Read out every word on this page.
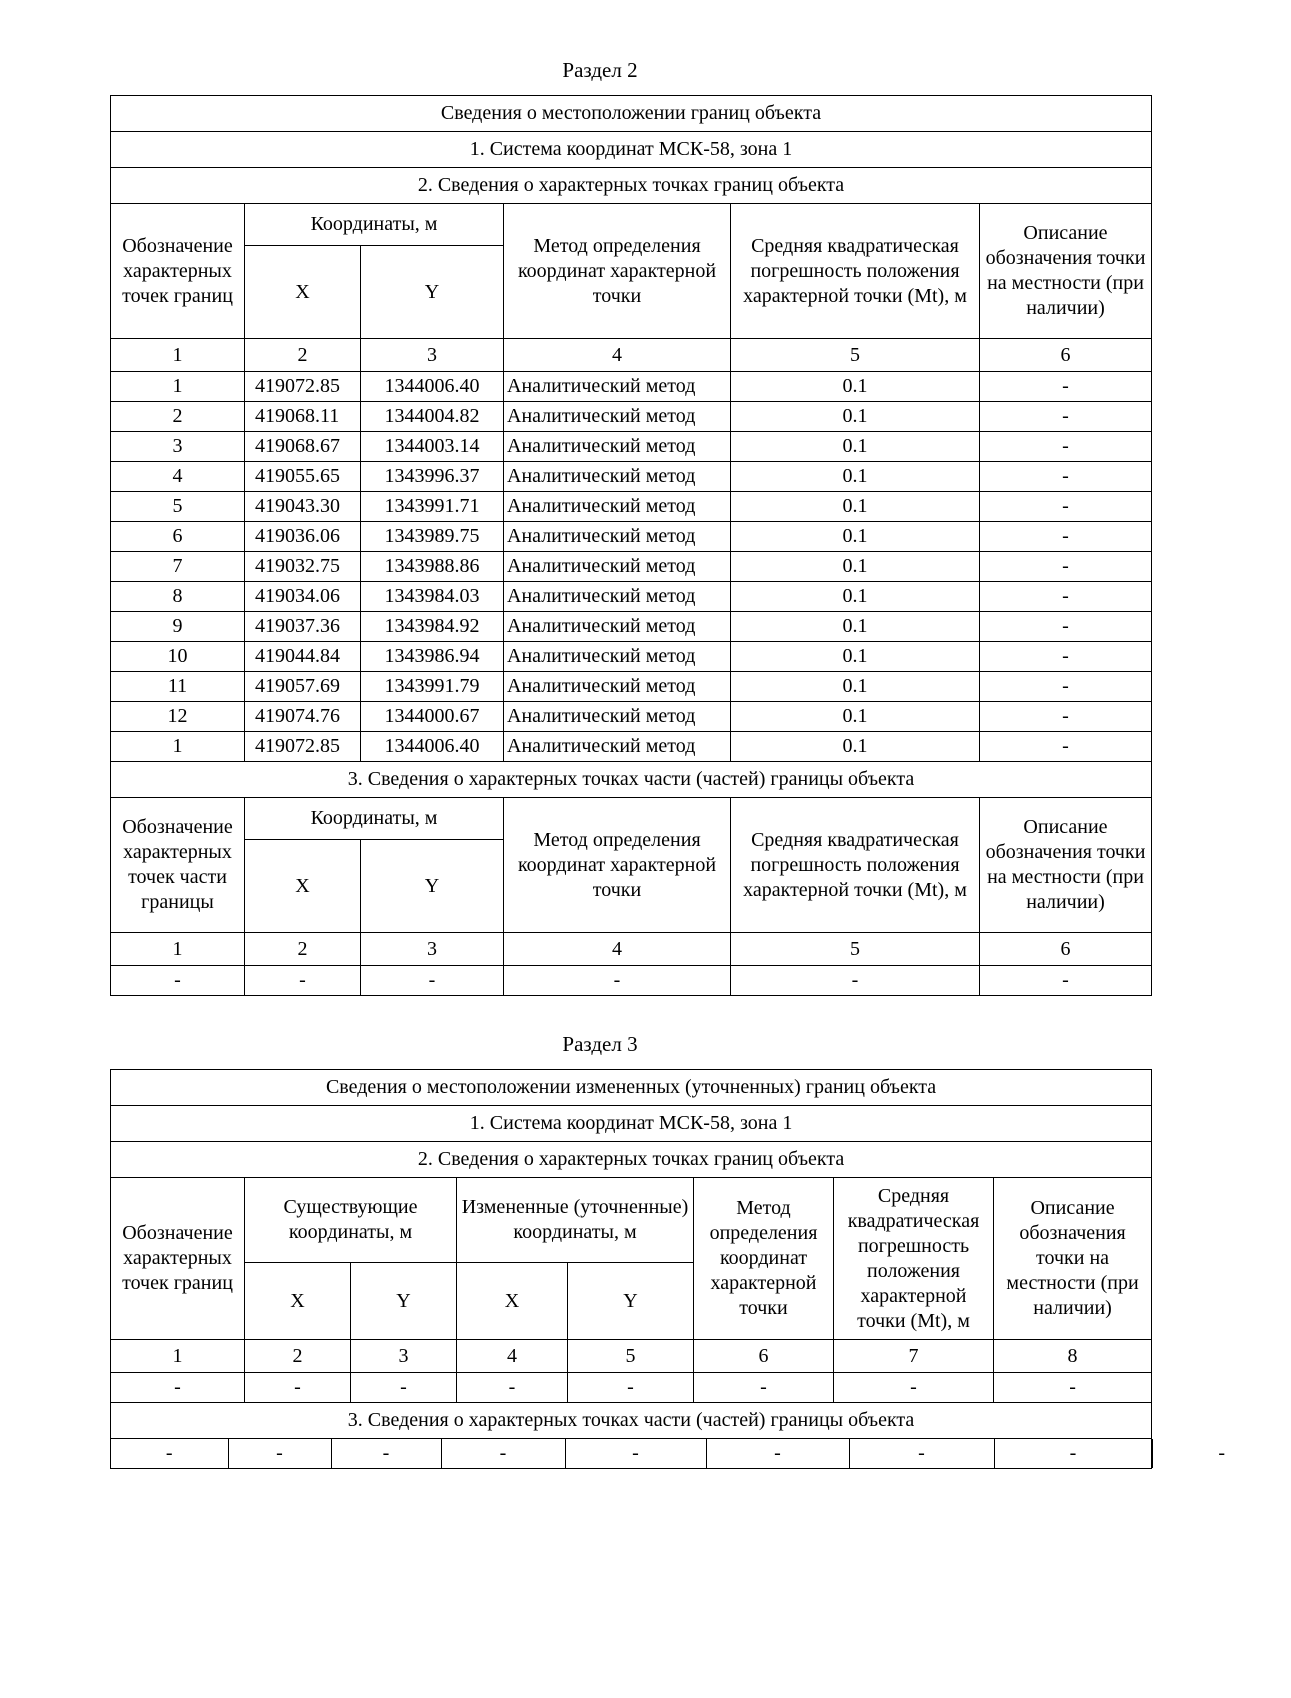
Раздел 2
Сведения о местоположении границ объекта					
1. Система координат МСК-58, зона 1					
2. Сведения о характерных точках границ объекта					
Обозначение характерных точек границ	Координаты, м		Метод определения координат характерной точки	Средняя квадратическая погрешность положения характерной точки (Mt), м	Описание обозначения точки на местности (при наличии)
	X	Y			
1	2	3	4	5	6
1	419072.85	1344006.40	Аналитический метод	0.1	-
2	419068.11	1344004.82	Аналитический метод	0.1	-
3	419068.67	1344003.14	Аналитический метод	0.1	-
4	419055.65	1343996.37	Аналитический метод	0.1	-
5	419043.30	1343991.71	Аналитический метод	0.1	-
6	419036.06	1343989.75	Аналитический метод	0.1	-
7	419032.75	1343988.86	Аналитический метод	0.1	-
8	419034.06	1343984.03	Аналитический метод	0.1	-
9	419037.36	1343984.92	Аналитический метод	0.1	-
10	419044.84	1343986.94	Аналитический метод	0.1	-
11	419057.69	1343991.79	Аналитический метод	0.1	-
12	419074.76	1344000.67	Аналитический метод	0.1	-
1	419072.85	1344006.40	Аналитический метод	0.1	-
3. Сведения о характерных точках части (частей) границы объекта					
Обозначение характерных точек части границы	Координаты, м		Метод определения координат характерной точки	Средняя квадратическая погрешность положения характерной точки (Mt), м	Описание обозначения точки на местности (при наличии)
	X	Y			
1	2	3	4	5	6
-	-	-	-	-	-
Раздел 3
Сведения о местоположении измененных (уточненных) границ объекта
1. Система координат МСК-58, зона 1
2. Сведения о характерных точках границ объекта
Обозначение характерных точек границ	Существующие координаты, м	Измененные (уточненные) координаты, м	Метод определения координат характерной точки	Средняя квадратическая погрешность положения характерной точки (Mt), м	Описание обозначения точки на местности (при наличии)
X	Y	X	Y
1	2	3	4	5	6	7	8
-	-	-	-	-	-	-	-
3. Сведения о характерных точках части (частей) границы объекта

-	-	-	-	-	-	-	-	-
